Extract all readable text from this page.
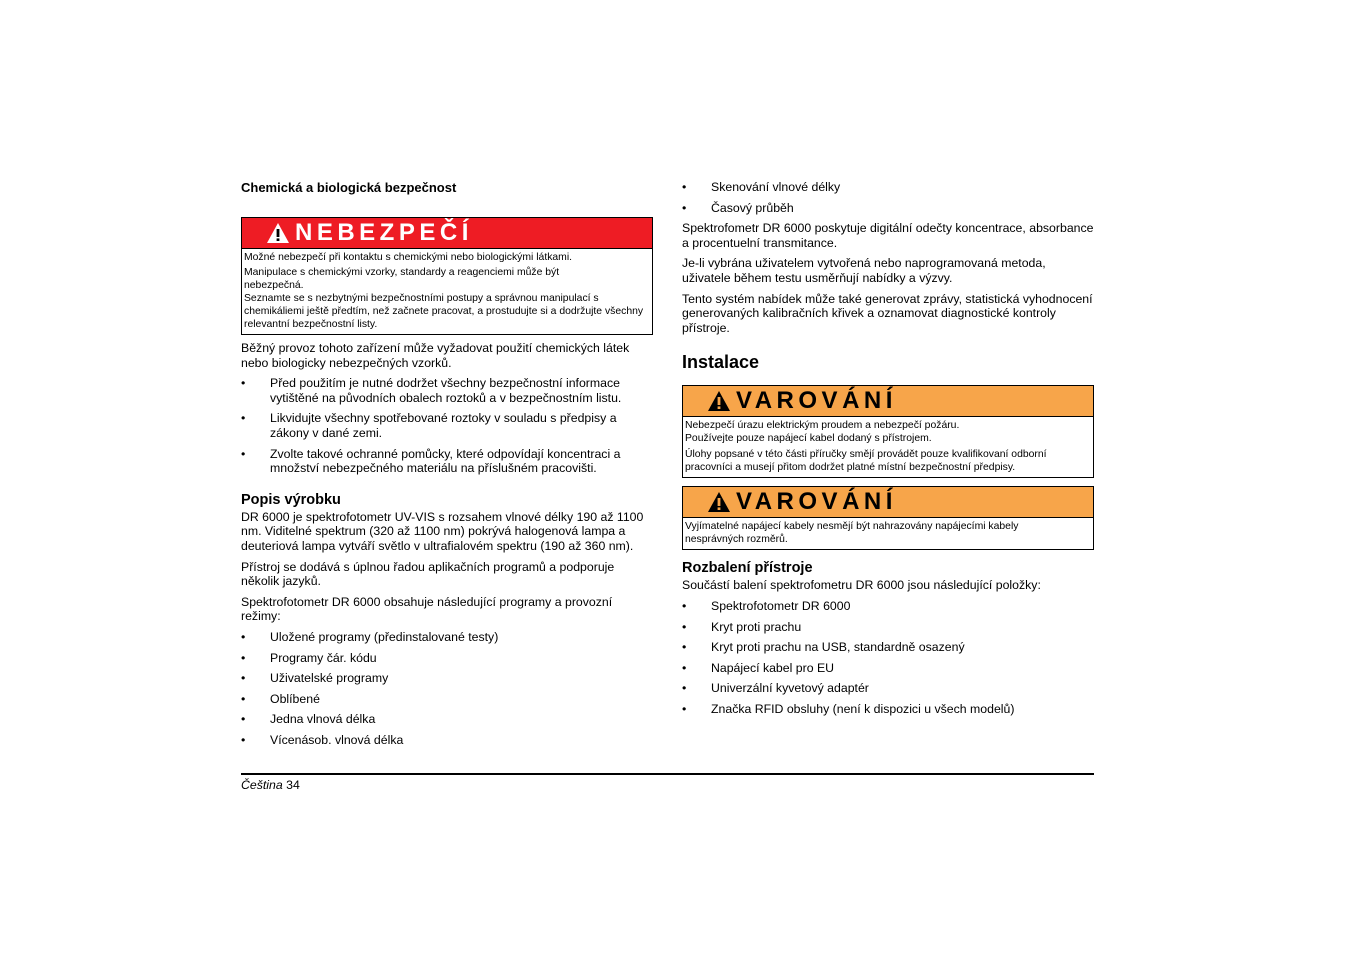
Chemická a biologická bezpečnost
NEBEZPEČÍ

Možné nebezpečí při kontaktu s chemickými nebo biologickými látkami.

Manipulace s chemickými vzorky, standardy a reagenciemi může být nebezpečná.

Seznamte se s nezbytnými bezpečnostními postupy a správnou manipulací s chemikáliemi ještě předtím, než začnete pracovat, a prostudujte si a dodržujte všechny relevantní bezpečnostní listy.

Běžný provoz tohoto zařízení může vyžadovat použití chemických látek nebo biologicky nebezpečných vzorků.

• Před použitím je nutné dodržet všechny bezpečnostní informace vytištěné na původních obalech roztoků a v bezpečnostním listu.
• Likvidujte všechny spotřebované roztoky v souladu s předpisy a zákony v dané zemi.
• Zvolte takové ochranné pomůcky, které odpovídají koncentraci a množství nebezpečného materiálu na příslušném pracovišti.
Popis výrobku

DR 6000 je spektrofotometr UV-VIS s rozsahem vlnové délky 190 až 1100 nm. Viditelné spektrum (320 až 1100 nm) pokrývá halogenová lampa a deuteriová lampa vytváří světlo v ultrafialovém spektru (190 až 360 nm).

Přístroj se dodává s úplnou řadou aplikačních programů a podporuje několik jazyků.

Spektrofotometr DR 6000 obsahuje následující programy a provozní režimy:

• Uložené programy (předinstalované testy)
• Programy čár. kódu
• Uživatelské programy
• Oblíbené
• Jedna vlnová délka
• Vícenásob. vlnová délka
• Skenování vlnové délky
• Časový průběh

Spektrofometr DR 6000 poskytuje digitální odečty koncentrace, absorbance a procentuelní transmitance.

Je-li vybrána uživatelem vytvořená nebo naprogramovaná metoda, uživatele během testu usměrňují nabídky a výzvy.

Tento systém nabídek může také generovat zprávy, statistická vyhodnocení generovaných kalibračních křivek a oznamovat diagnostické kontroly přístroje.

Instalace
VAROVÁNÍ

Nebezpečí úrazu elektrickým proudem a nebezpečí požáru.

Používejte pouze napájecí kabel dodaný s přístrojem.

Úlohy popsané v této části příručky smějí provádět pouze kvalifikovaní odborní pracovníci a musejí přitom dodržet platné místní bezpečnostní předpisy.

VAROVÁNÍ

Vyjímatelné napájecí kabely nesmějí být nahrazovány napájecími kabely nesprávných rozměrů.

Rozbalení přístroje

Součástí balení spektrofometru DR 6000 jsou následující položky:

• Spektrofotometr DR 6000
• Kryt proti prachu
• Kryt proti prachu na USB, standardně osazený
• Napájecí kabel pro EU
• Univerzální kyvetový adaptér
• Značka RFID obsluhy (není k dispozici u všech modelů)
Čeština 34
